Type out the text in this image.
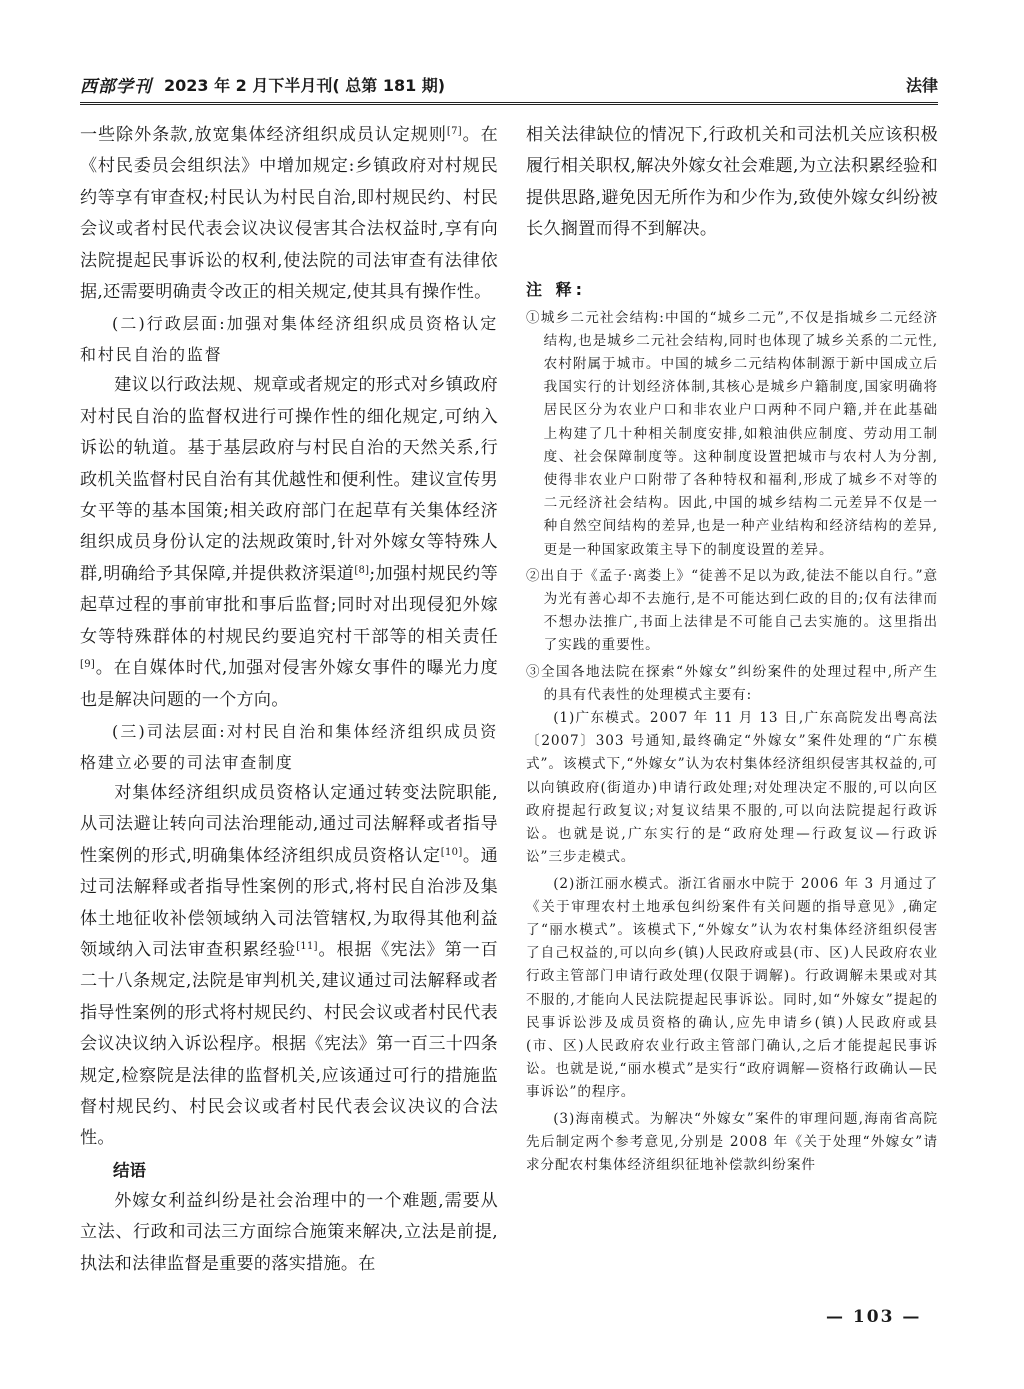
西部学刊 2023 年 2 月下半月刊( 总第 181 期)	法律

一些除外条款,放宽集体经济组织成员认定规则[7]。在《村民委员会组织法》中增加规定:乡镇政府对村规民约等享有审查权;村民认为村民自治,即村规民约、村民会议或者村民代表会议决议侵害其合法权益时,享有向法院提起民事诉讼的权利,使法院的司法审查有法律依据,还需要明确责令改正的相关规定,使其具有操作性。

(二)行政层面:加强对集体经济组织成员资格认定和村民自治的监督

建议以行政法规、规章或者规定的形式对乡镇政府对村民自治的监督权进行可操作性的细化规定,可纳入诉讼的轨道。基于基层政府与村民自治的天然关系,行政机关监督村民自治有其优越性和便利性。建议宣传男女平等的基本国策;相关政府部门在起草有关集体经济组织成员身份认定的法规政策时,针对外嫁女等特殊人群,明确给予其保障,并提供救济渠道[8];加强村规民约等起草过程的事前审批和事后监督;同时对出现侵犯外嫁女等特殊群体的村规民约要追究村干部等的相关责任[9]。在自媒体时代,加强对侵害外嫁女事件的曝光力度也是解决问题的一个方向。

(三)司法层面:对村民自治和集体经济组织成员资格建立必要的司法审查制度

对集体经济组织成员资格认定通过转变法院职能,从司法避让转向司法治理能动,通过司法解释或者指导性案例的形式,明确集体经济组织成员资格认定[10]。通过司法解释或者指导性案例的形式,将村民自治涉及集体土地征收补偿领域纳入司法管辖权,为取得其他利益领域纳入司法审查积累经验[11]。根据《宪法》第一百二十八条规定,法院是审判机关,建议通过司法解释或者指导性案例的形式将村规民约、村民会议或者村民代表会议决议纳入诉讼程序。根据《宪法》第一百三十四条规定,检察院是法律的监督机关,应该通过可行的措施监督村规民约、村民会议或者村民代表会议决议的合法性。

结语

外嫁女利益纠纷是社会治理中的一个难题,需要从立法、行政和司法三方面综合施策来解决,立法是前提,执法和法律监督是重要的落实措施。在

相关法律缺位的情况下,行政机关和司法机关应该积极履行相关职权,解决外嫁女社会难题,为立法积累经验和提供思路,避免因无所作为和少作为,致使外嫁女纠纷被长久搁置而得不到解决。

注 释:

①城乡二元社会结构:中国的“城乡二元”,不仅是指城乡二元经济结构,也是城乡二元社会结构,同时也体现了城乡关系的二元性,农村附属于城市。中国的城乡二元结构体制源于新中国成立后我国实行的计划经济体制,其核心是城乡户籍制度,国家明确将居民区分为农业户口和非农业户口两种不同户籍,并在此基础上构建了几十种相关制度安排,如粮油供应制度、劳动用工制度、社会保障制度等。这种制度设置把城市与农村人为分割,使得非农业户口附带了各种特权和福利,形成了城乡不对等的二元经济社会结构。因此,中国的城乡结构二元差异不仅是一种自然空间结构的差异,也是一种产业结构和经济结构的差异,更是一种国家政策主导下的制度设置的差异。

②出自于《孟子·离娄上》“徒善不足以为政,徒法不能以自行。”意为光有善心却不去施行,是不可能达到仁政的目的;仅有法律而不想办法推广,书面上法律是不可能自己去实施的。这里指出了实践的重要性。

③全国各地法院在探索“外嫁女”纠纷案件的处理过程中,所产生的具有代表性的处理模式主要有:

(1)广东模式。2007 年 11 月 13 日,广东高院发出粤高法〔2007〕303 号通知,最终确定“外嫁女”案件处理的“广东模式”。该模式下,“外嫁女”认为农村集体经济组织侵害其权益的,可以向镇政府(街道办)申请行政处理;对处理决定不服的,可以向区政府提起行政复议;对复议结果不服的,可以向法院提起行政诉讼。也就是说,广东实行的是“政府处理—行政复议—行政诉讼”三步走模式。

(2)浙江丽水模式。浙江省丽水中院于 2006 年 3 月通过了《关于审理农村土地承包纠纷案件有关问题的指导意见》,确定了“丽水模式”。该模式下,“外嫁女”认为农村集体经济组织侵害了自己权益的,可以向乡(镇)人民政府或县(市、区)人民政府农业行政主管部门申请行政处理(仅限于调解)。行政调解未果或对其不服的,才能向人民法院提起民事诉讼。同时,如“外嫁女”提起的民事诉讼涉及成员资格的确认,应先申请乡(镇)人民政府或县(市、区)人民政府农业行政主管部门确认,之后才能提起民事诉讼。也就是说,“丽水模式”是实行“政府调解—资格行政确认—民事诉讼”的程序。

(3)海南模式。为解决“外嫁女”案件的审理问题,海南省高院先后制定两个参考意见,分别是 2008 年《关于处理“外嫁女”请求分配农村集体经济组织征地补偿款纠纷案件

— 103 —
